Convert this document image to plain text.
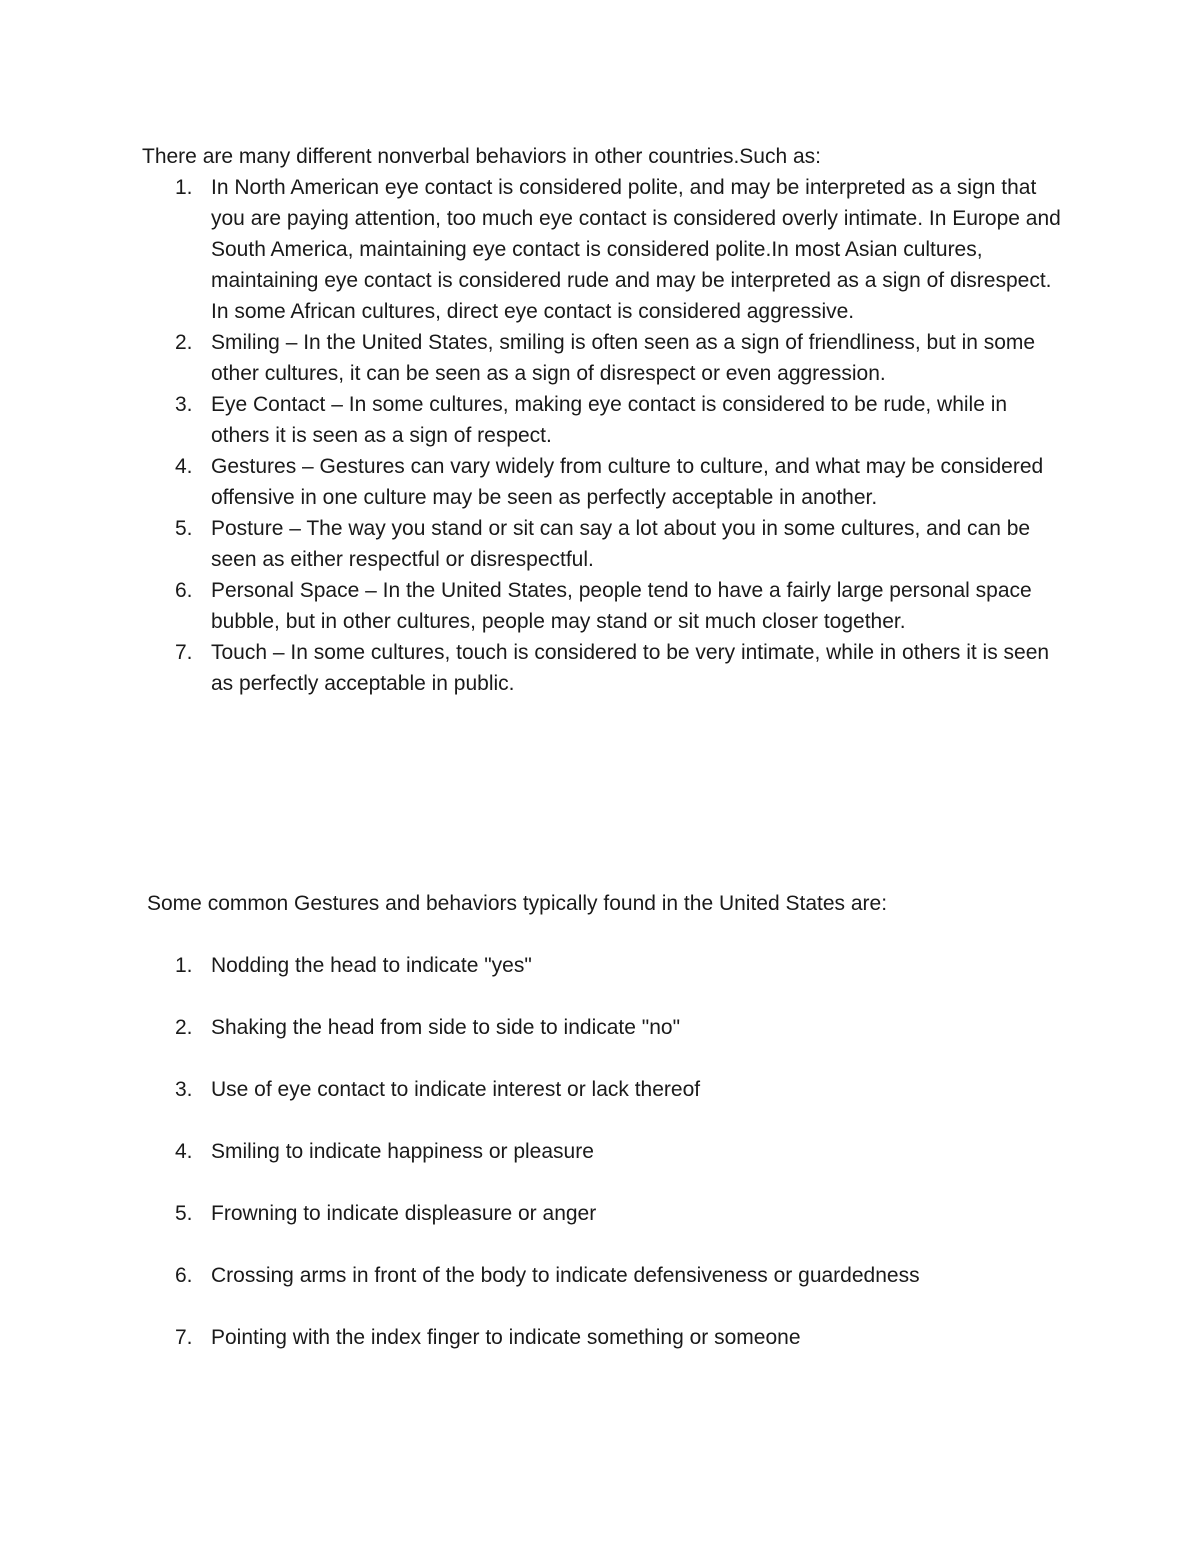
There are many different nonverbal behaviors in other countries.Such as:

1. In North American eye contact is considered polite, and may be interpreted as a sign that you are paying attention, too much eye contact is considered overly intimate. In Europe and South America, maintaining eye contact is considered polite.In most Asian cultures, maintaining eye contact is considered rude and may be interpreted as a sign of disrespect. In some African cultures, direct eye contact is considered aggressive.
2. Smiling – In the United States, smiling is often seen as a sign of friendliness, but in some other cultures, it can be seen as a sign of disrespect or even aggression.
3. Eye Contact – In some cultures, making eye contact is considered to be rude, while in others it is seen as a sign of respect.
4. Gestures – Gestures can vary widely from culture to culture, and what may be considered offensive in one culture may be seen as perfectly acceptable in another.
5. Posture – The way you stand or sit can say a lot about you in some cultures, and can be seen as either respectful or disrespectful.
6. Personal Space – In the United States, people tend to have a fairly large personal space bubble, but in other cultures, people may stand or sit much closer together.
7. Touch – In some cultures, touch is considered to be very intimate, while in others it is seen as perfectly acceptable in public.

Some common Gestures and behaviors typically found in the United States are:

1. Nodding the head to indicate "yes"
2. Shaking the head from side to side to indicate "no"
3. Use of eye contact to indicate interest or lack thereof
4. Smiling to indicate happiness or pleasure
5. Frowning to indicate displeasure or anger
6. Crossing arms in front of the body to indicate defensiveness or guardedness
7. Pointing with the index finger to indicate something or someone
